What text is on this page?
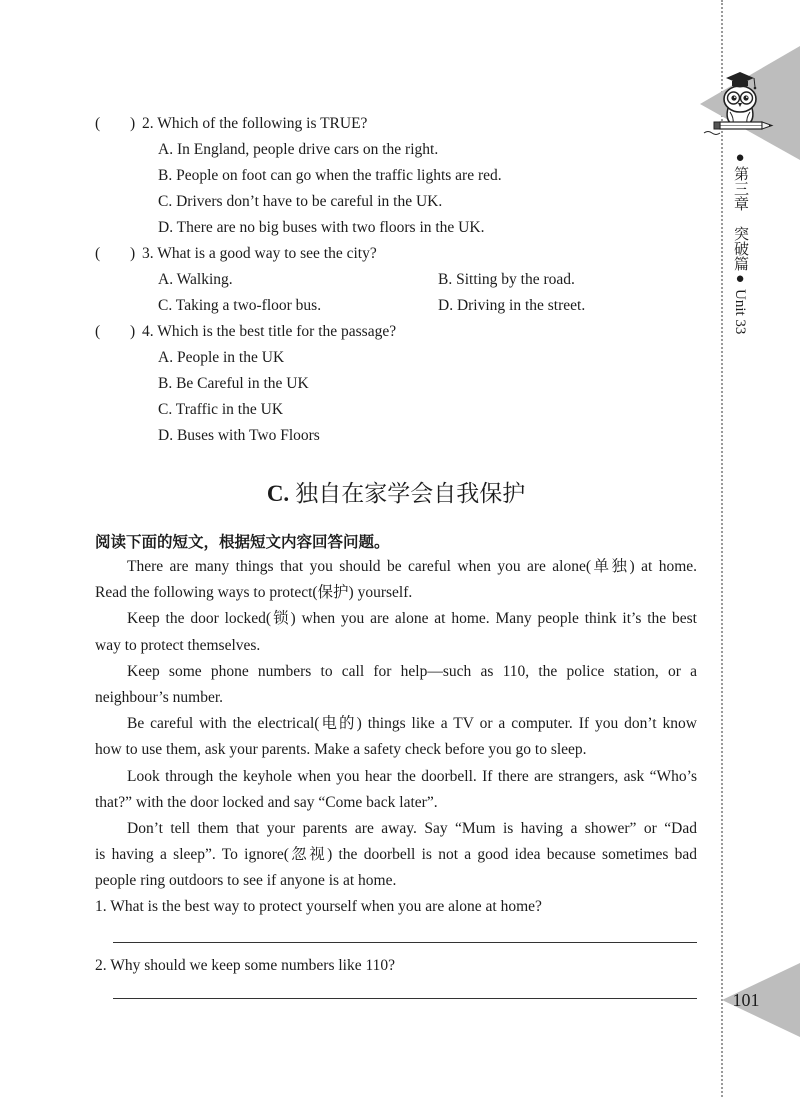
●第三章突破篇●Unit 33
101
( ) 2. Which of the following is TRUE?
A. In England, people drive cars on the right.
B. People on foot can go when the traffic lights are red.
C. Drivers don’t have to be careful in the UK.
D. There are no big buses with two floors in the UK.
( ) 3. What is a good way to see the city?
A. Walking.	B. Sitting by the road.
C. Taking a two-floor bus.	D. Driving in the street.
( ) 4. Which is the best title for the passage?
A. People in the UK
B. Be Careful in the UK
C. Traffic in the UK
D. Buses with Two Floors
C. 独自在家学会自我保护
阅读下面的短文，根据短文内容回答问题。
There are many things that you should be careful when you are alone(单独) at home.
Read the following ways to protect(保护) yourself.
Keep the door locked(锁) when you are alone at home. Many people think it’s the best
way to protect themselves.
Keep some phone numbers to call for help—such as 110, the police station, or a
neighbour’s number.
Be careful with the electrical(电的) things like a TV or a computer. If you don’t know
how to use them, ask your parents. Make a safety check before you go to sleep.
Look through the keyhole when you hear the doorbell. If there are strangers, ask “Who’s
that?” with the door locked and say “Come back later”.
Don’t tell them that your parents are away. Say “Mum is having a shower” or “Dad
is having a sleep”. To ignore(忽视) the doorbell is not a good idea because sometimes bad
people ring outdoors to see if anyone is at home.
1. What is the best way to protect yourself when you are alone at home?
2. Why should we keep some numbers like 110?
